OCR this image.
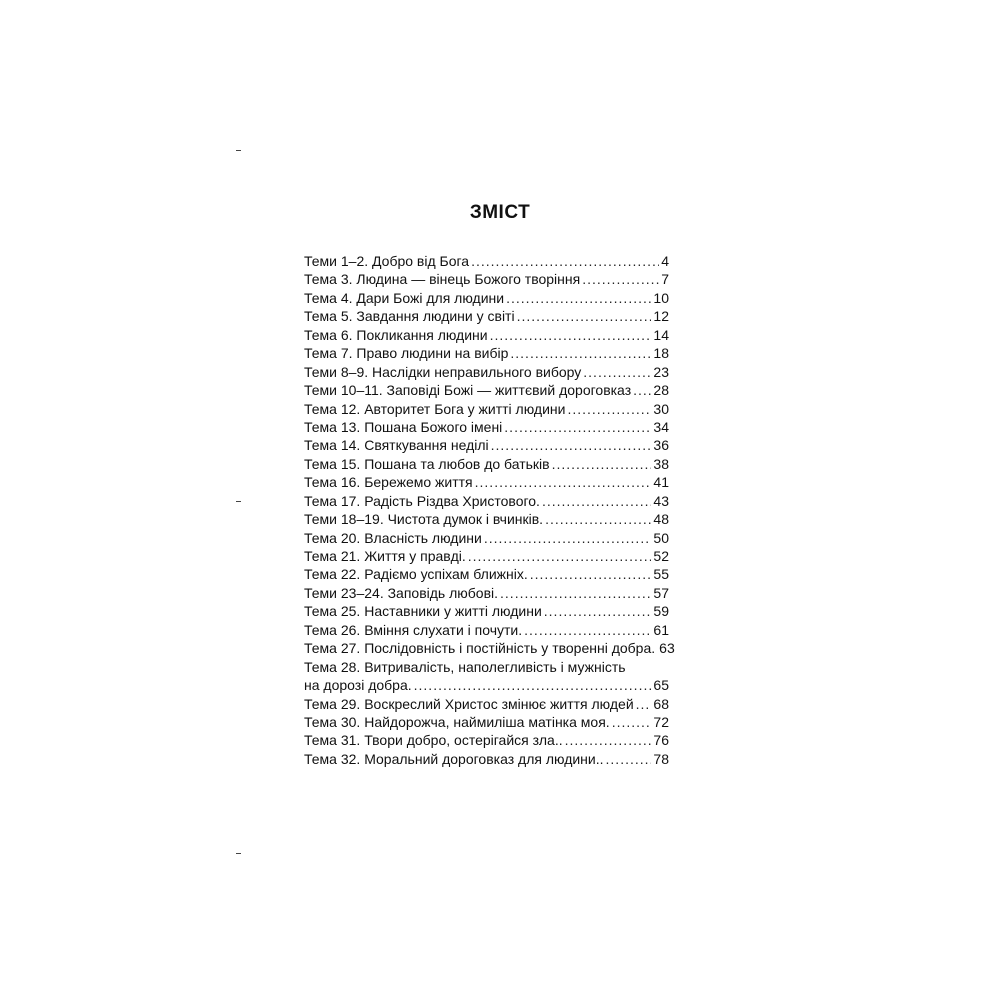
ЗМІСТ
Теми 1–2. Добро від Бога .....	4
Тема 3. Людина — вінець Божого творіння .....	7
Тема 4. Дари Божі для людини .....	10
Тема 5. Завдання людини у світі .....	12
Тема 6. Покликання людини .....	14
Тема 7. Право людини на вибір .....	18
Теми 8–9. Наслідки неправильного вибору .....	23
Теми 10–11. Заповіді Божі — життєвий дороговказ ..... 28
Тема 12. Авторитет Бога у житті людини .....	30
Тема 13. Пошана Божого імені .....	34
Тема 14. Святкування неділі .....	36
Тема 15. Пошана та любов до батьків .....	38
Тема 16. Бережемо життя .....	41
Тема 17. Радість Різдва Христового. .....	43
Теми 18–19. Чистота думок і вчинків. .....	48
Тема 20. Власність людини .....	50
Тема 21. Життя у правді. .....	52
Тема 22. Радіємо успіхам ближніх. .....	55
Теми 23–24. Заповідь любові. .....	57
Тема 25. Наставники у житті людини .....	59
Тема 26. Вміння слухати і почути. .....	61
Тема 27. Послідовність і постійність у творенні добра. 63
Тема 28. Витривалість, наполегливість і мужність
на дорозі добра. .....	65
Тема 29. Воскреслий Христос змінює життя людей ..... 68
Тема 30. Найдорожча, наймиліша матінка моя. .....	72
Тема 31. Твори добро, остерігайся зла.. .....	76
Тема 32. Моральний дороговказ для людини.. .....	78
